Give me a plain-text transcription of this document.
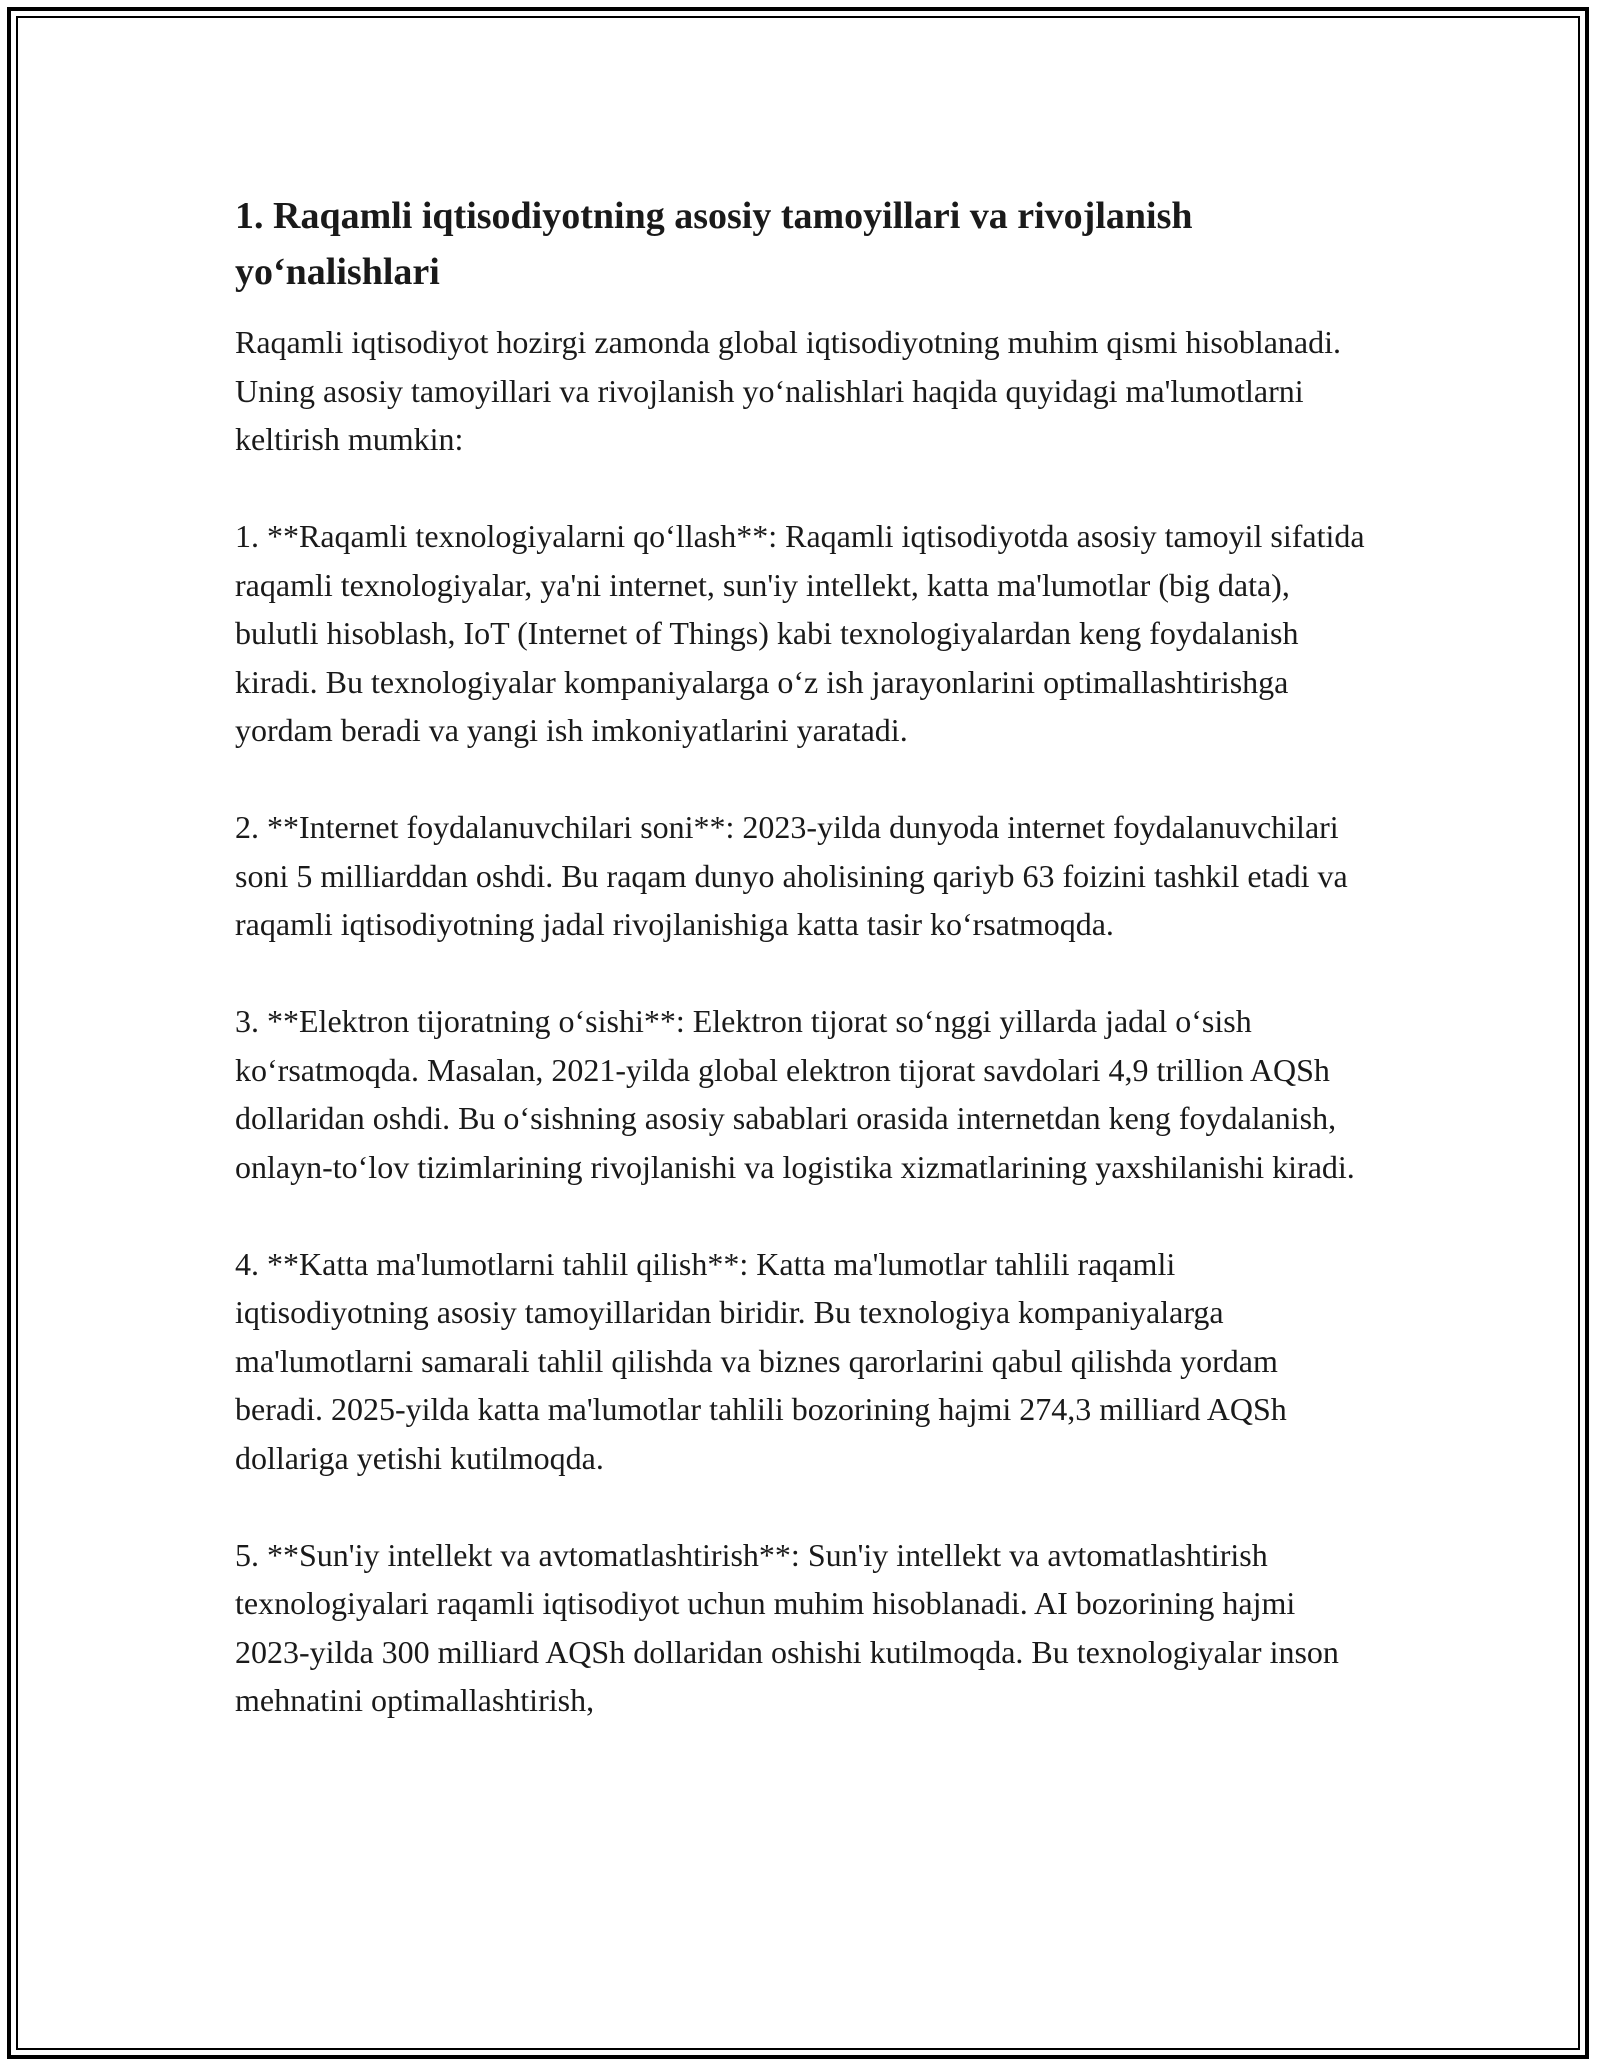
1. Raqamli iqtisodiyotning asosiy tamoyillari va rivojlanish yo‘nalishlari

Raqamli iqtisodiyot hozirgi zamonda global iqtisodiyotning muhim qismi hisoblanadi. Uning asosiy tamoyillari va rivojlanish yo‘nalishlari haqida quyidagi ma'lumotlarni keltirish mumkin:

1. **Raqamli texnologiyalarni qo‘llash**: Raqamli iqtisodiyotda asosiy tamoyil sifatida raqamli texnologiyalar, ya'ni internet, sun'iy intellekt, katta ma'lumotlar (big data), bulutli hisoblash, IoT (Internet of Things) kabi texnologiyalardan keng foydalanish kiradi. Bu texnologiyalar kompaniyalarga o‘z ish jarayonlarini optimallashtirishga yordam beradi va yangi ish imkoniyatlarini yaratadi.

2. **Internet foydalanuvchilari soni**: 2023-yilda dunyoda internet foydalanuvchilari soni 5 milliarddan oshdi. Bu raqam dunyo aholisining qariyb 63 foizini tashkil etadi va raqamli iqtisodiyotning jadal rivojlanishiga katta tasir ko‘rsatmoqda.

3. **Elektron tijoratning o‘sishi**: Elektron tijorat so‘nggi yillarda jadal o‘sish ko‘rsatmoqda. Masalan, 2021-yilda global elektron tijorat savdolari 4,9 trillion AQSh dollaridan oshdi. Bu o‘sishning asosiy sabablari orasida internetdan keng foydalanish, onlayn-to‘lov tizimlarining rivojlanishi va logistika xizmatlarining yaxshilanishi kiradi.

4. **Katta ma'lumotlarni tahlil qilish**: Katta ma'lumotlar tahlili raqamli iqtisodiyotning asosiy tamoyillaridan biridir. Bu texnologiya kompaniyalarga ma'lumotlarni samarali tahlil qilishda va biznes qarorlarini qabul qilishda yordam beradi. 2025-yilda katta ma'lumotlar tahlili bozorining hajmi 274,3 milliard AQSh dollariga yetishi kutilmoqda.

5. **Sun'iy intellekt va avtomatlashtirish**: Sun'iy intellekt va avtomatlashtirish texnologiyalari raqamli iqtisodiyot uchun muhim hisoblanadi. AI bozorining hajmi 2023-yilda 300 milliard AQSh dollaridan oshishi kutilmoqda. Bu texnologiyalar inson mehnatini optimallashtirish,
